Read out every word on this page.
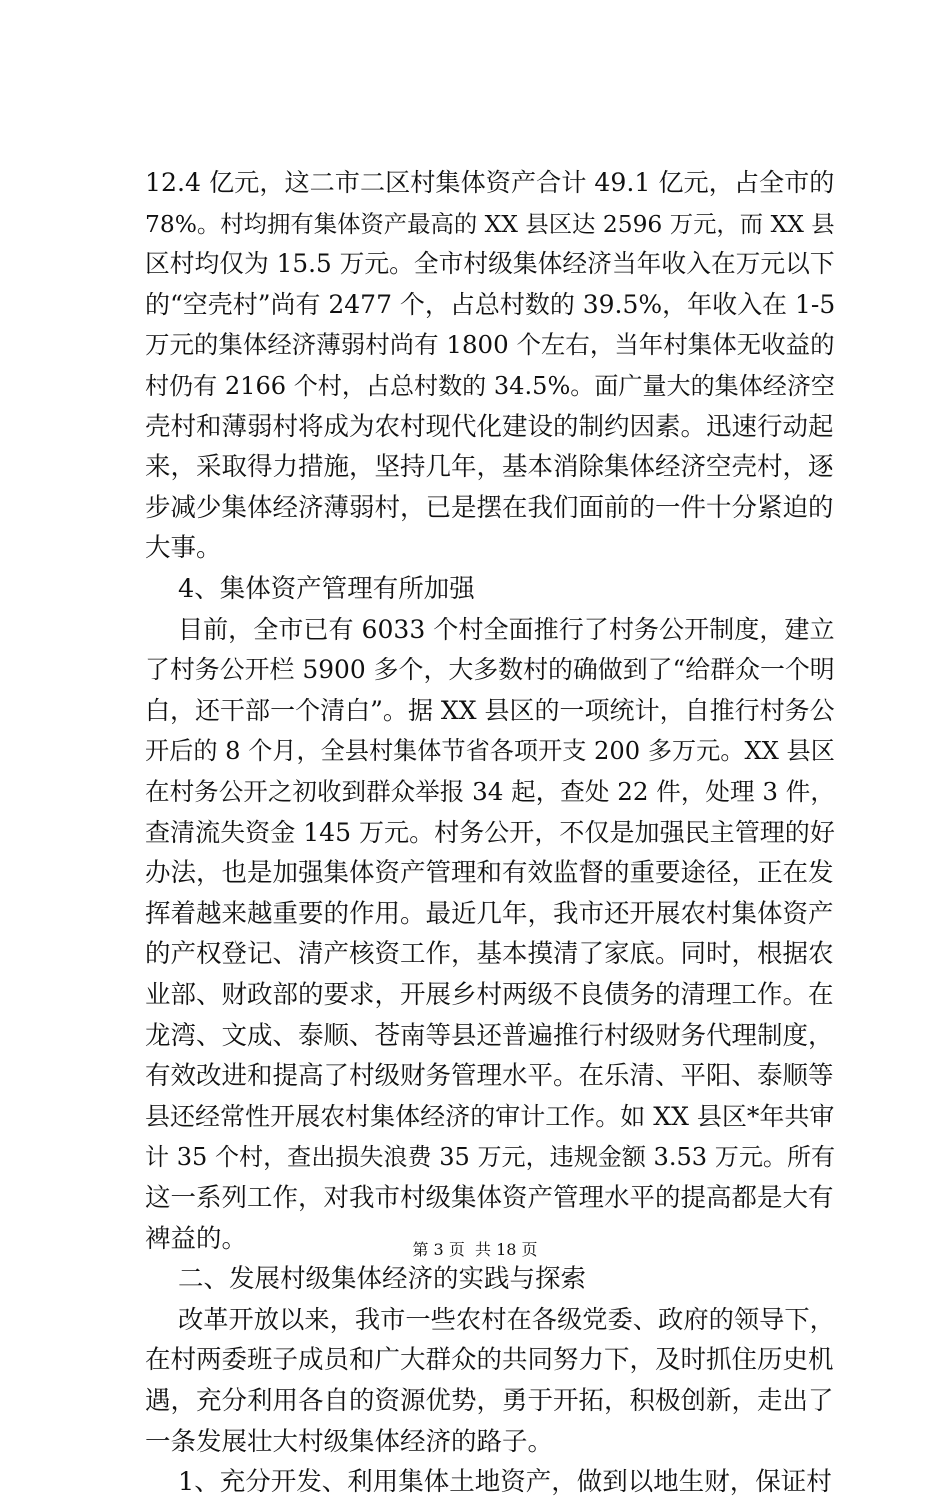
12.4 亿元，这二市二区村集体资产合计 49.1 亿元，占全市的
78%。村均拥有集体资产最高的 XX 县区达 2596 万元，而 XX 县
区村均仅为 15.5 万元。全市村级集体经济当年收入在万元以下
的“空壳村”尚有 2477 个，占总村数的 39.5%，年收入在 1-5
万元的集体经济薄弱村尚有 1800 个左右，当年村集体无收益的
村仍有 2166 个村，占总村数的 34.5%。面广量大的集体经济空
壳村和薄弱村将成为农村现代化建设的制约因素。迅速行动起
来，采取得力措施，坚持几年，基本消除集体经济空壳村，逐
步减少集体经济薄弱村，已是摆在我们面前的一件十分紧迫的
大事。
4、集体资产管理有所加强
目前，全市已有 6033 个村全面推行了村务公开制度，建立
了村务公开栏 5900 多个，大多数村的确做到了“给群众一个明
白，还干部一个清白”。据 XX 县区的一项统计，自推行村务公
开后的 8 个月，全县村集体节省各项开支 200 多万元。XX 县区
在村务公开之初收到群众举报 34 起，查处 22 件，处理 3 件，
查清流失资金 145 万元。村务公开，不仅是加强民主管理的好
办法，也是加强集体资产管理和有效监督的重要途径，正在发
挥着越来越重要的作用。最近几年，我市还开展农村集体资产
的产权登记、清产核资工作，基本摸清了家底。同时，根据农
业部、财政部的要求，开展乡村两级不良债务的清理工作。在
龙湾、文成、泰顺、苍南等县还普遍推行村级财务代理制度，
有效改进和提高了村级财务管理水平。在乐清、平阳、泰顺等
县还经常性开展农村集体经济的审计工作。如 XX 县区*年共审
计 35 个村，查出损失浪费 35 万元，违规金额 3.53 万元。所有
这一系列工作，对我市村级集体资产管理水平的提高都是大有
裨益的。
二、发展村级集体经济的实践与探索
改革开放以来，我市一些农村在各级党委、政府的领导下，
在村两委班子成员和广大群众的共同努力下，及时抓住历史机
遇，充分利用各自的资源优势，勇于开拓，积极创新，走出了
一条发展壮大村级集体经济的路子。
1、充分开发、利用集体土地资产，做到以地生财，保证村
第 3 页  共 18 页
